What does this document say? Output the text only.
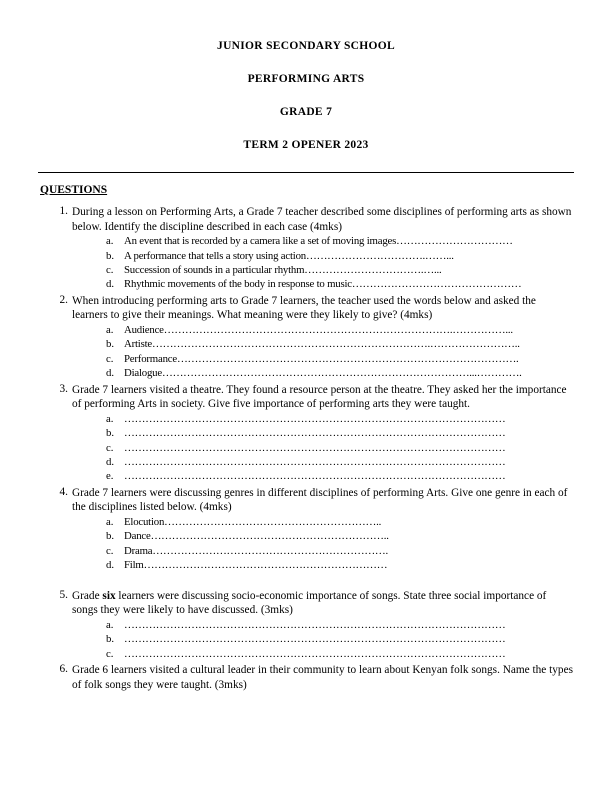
JUNIOR SECONDARY SCHOOL
PERFORMING ARTS
GRADE 7
TERM 2 OPENER 2023
QUESTIONS
1. During a lesson on Performing Arts, a Grade 7 teacher described some disciplines of performing arts as shown below. Identify the discipline described in each case (4mks)

a. An event that is recorded by a camera like a set of moving images……………………………
b. A performance that tells a story using action…………………………….……...
c. Succession of sounds in a particular rhythm…………………………….…...
d. Rhythmic movements of the body in response to music…………………………………………
2. When introducing performing arts to Grade 7 learners, the teacher used the words below and asked the learners to give their meanings. What meaning were they likely to give? (4mks)

a. Audience……………………………………………………………………….……………...
b. Artiste…………………………………………………………………….……………………..
c. Performance…………………………………………………………………………………….
d. Dialogue……………………………………………………………………………...………….
3. Grade 7 learners visited a theatre. They found a resource person at the theatre. They asked her the importance of performing Arts in society. Give five importance of performing arts they were taught.

a. ………………………………………………………………………………………………
b. ………………………………………………………………………………………………
c. ………………………………………………………………………………………………
d. ………………………………………………………………………………………………
e. ………………………………………………………………………………………………
4. Grade 7 learners were discussing genres in different disciplines of performing Arts. Give one genre in each of the disciplines listed below. (4mks)

a. Elocution……………………………………………………..
b. Dance…………………………………………………………..
c. Drama………………………………………………………….
d. Film……………………………………………………………
5. Grade six learners were discussing socio-economic importance of songs. State three social importance of songs they were likely to have discussed. (3mks)

a. ………………………………………………………………………………………………
b. ………………………………………………………………………………………………
c. ………………………………………………………………………………………………
6. Grade 6 learners visited a cultural leader in their community to learn about Kenyan folk songs. Name the types of folk songs they were taught. (3mks)
